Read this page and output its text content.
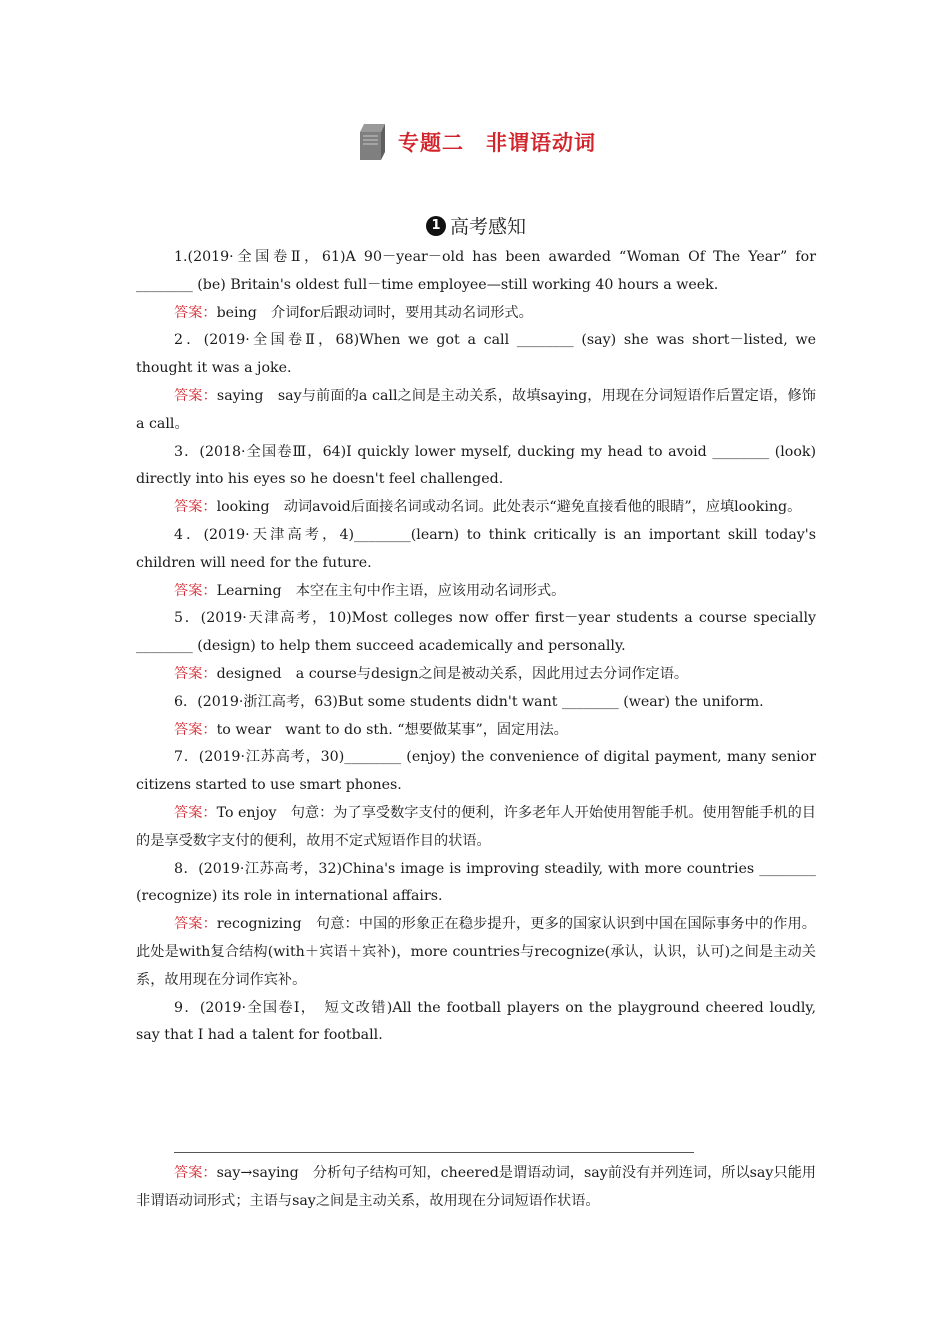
专题二　非谓语动词
1 高考感知

1.(2019·全国卷Ⅱ，61)A 90－year－old has been awarded “Woman Of The Year” for ________ (be) Britain's oldest full－time employee—still working 40 hours a week.

答案：being　介词for后跟动词时，要用其动名词形式。

2．(2019·全国卷Ⅱ，68)When we got a call ________ (say) she was short－listed, we thought it was a joke.

答案：saying　say与前面的a call之间是主动关系，故填saying，用现在分词短语作后置定语，修饰a call。

3．(2018·全国卷Ⅲ，64)I quickly lower myself, ducking my head to avoid ________ (look) directly into his eyes so he doesn't feel challenged.

答案：looking　动词avoid后面接名词或动名词。此处表示“避免直接看他的眼睛”，应填looking。

4．(2019·天津高考，4)________(learn) to think critically is an important skill today's children will need for the future.

答案：Learning　本空在主句中作主语，应该用动名词形式。

5．(2019·天津高考，10)Most colleges now offer first－year students a course specially ________ (design) to help them succeed academically and personally.

答案：designed　a course与design之间是被动关系，因此用过去分词作定语。

6．(2019·浙江高考，63)But some students didn't want ________ (wear) the uniform.

答案：to wear　want to do sth. “想要做某事”，固定用法。

7．(2019·江苏高考，30)________ (enjoy) the convenience of digital payment, many senior citizens started to use smart phones.

答案：To enjoy　句意：为了享受数字支付的便利，许多老年人开始使用智能手机。使用智能手机的目的是享受数字支付的便利，故用不定式短语作目的状语。

8．(2019·江苏高考，32)China's image is improving steadily, with more countries ________ (recognize) its role in international affairs.

答案：recognizing　句意：中国的形象正在稳步提升，更多的国家认识到中国在国际事务中的作用。此处是with复合结构(with＋宾语＋宾补)，more countries与recognize(承认，认识，认可)之间是主动关系，故用现在分词作宾补。

9．(2019·全国卷Ⅰ，　短文改错)All the football players on the playground cheered loudly, say that I had a talent for football.

答案：say→saying　分析句子结构可知，cheered是谓语动词，say前没有并列连词，所以say只能用非谓语动词形式；主语与say之间是主动关系，故用现在分词短语作状语。
